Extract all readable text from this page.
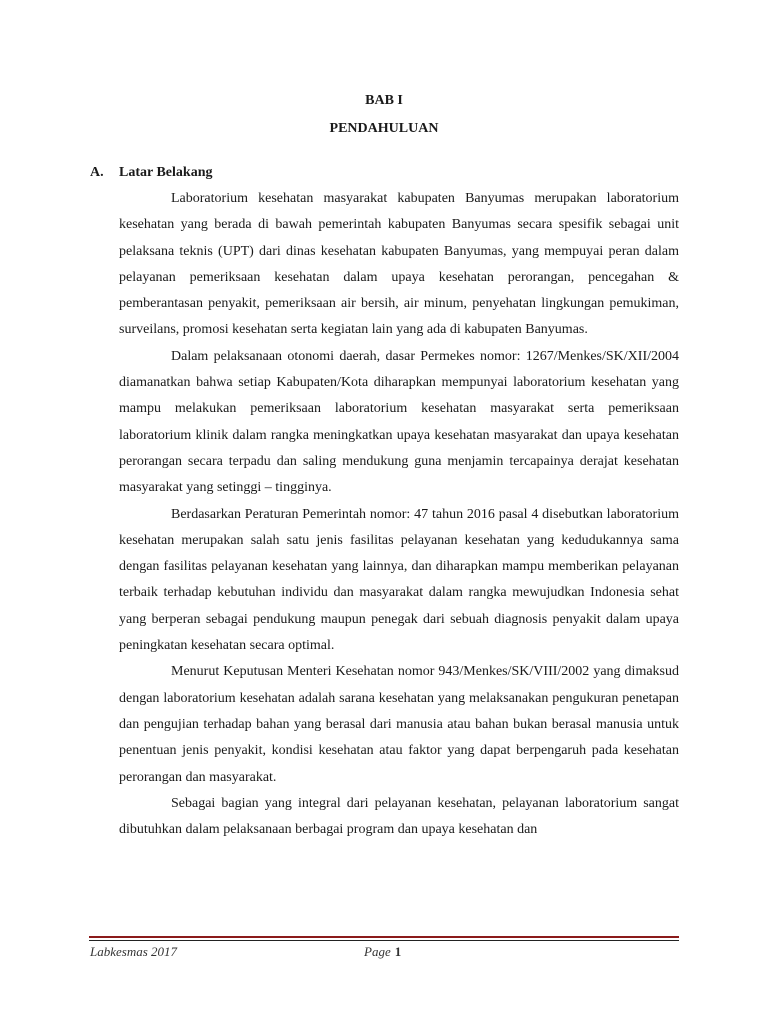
BAB I
PENDAHULUAN
A. Latar Belakang

Laboratorium kesehatan masyarakat kabupaten Banyumas merupakan laboratorium kesehatan yang berada di bawah pemerintah kabupaten Banyumas secara spesifik sebagai unit pelaksana teknis (UPT) dari dinas kesehatan kabupaten Banyumas, yang mempuyai peran dalam pelayanan pemeriksaan kesehatan dalam upaya kesehatan perorangan, pencegahan & pemberantasan penyakit, pemeriksaan air bersih, air minum, penyehatan lingkungan pemukiman, surveilans, promosi kesehatan serta kegiatan lain yang ada di kabupaten Banyumas.

Dalam pelaksanaan otonomi daerah, dasar Permekes nomor: 1267/Menkes/SK/XII/2004 diamanatkan bahwa setiap Kabupaten/Kota diharapkan mempunyai laboratorium kesehatan yang mampu melakukan pemeriksaan laboratorium kesehatan masyarakat serta pemeriksaan laboratorium klinik dalam rangka meningkatkan upaya kesehatan masyarakat dan upaya kesehatan perorangan secara terpadu dan saling mendukung guna menjamin tercapainya derajat kesehatan masyarakat yang setinggi – tingginya.

Berdasarkan Peraturan Pemerintah nomor: 47 tahun 2016 pasal 4 disebutkan laboratorium kesehatan merupakan salah satu jenis fasilitas pelayanan kesehatan yang kedudukannya sama dengan fasilitas pelayanan kesehatan yang lainnya, dan diharapkan mampu memberikan pelayanan terbaik terhadap kebutuhan individu dan masyarakat dalam rangka mewujudkan Indonesia sehat yang berperan sebagai pendukung maupun penegak dari sebuah diagnosis penyakit dalam upaya peningkatan kesehatan secara optimal.

Menurut Keputusan Menteri Kesehatan nomor 943/Menkes/SK/VIII/2002 yang dimaksud dengan laboratorium kesehatan adalah sarana kesehatan yang melaksanakan pengukuran penetapan dan pengujian terhadap bahan yang berasal dari manusia atau bahan bukan berasal manusia untuk penentuan jenis penyakit, kondisi kesehatan atau faktor yang dapat berpengaruh pada kesehatan perorangan dan masyarakat.

Sebagai bagian yang integral dari pelayanan kesehatan, pelayanan laboratorium sangat dibutuhkan dalam pelaksanaan berbagai program dan upaya kesehatan dan

Labkesmas 2017	Page 1
